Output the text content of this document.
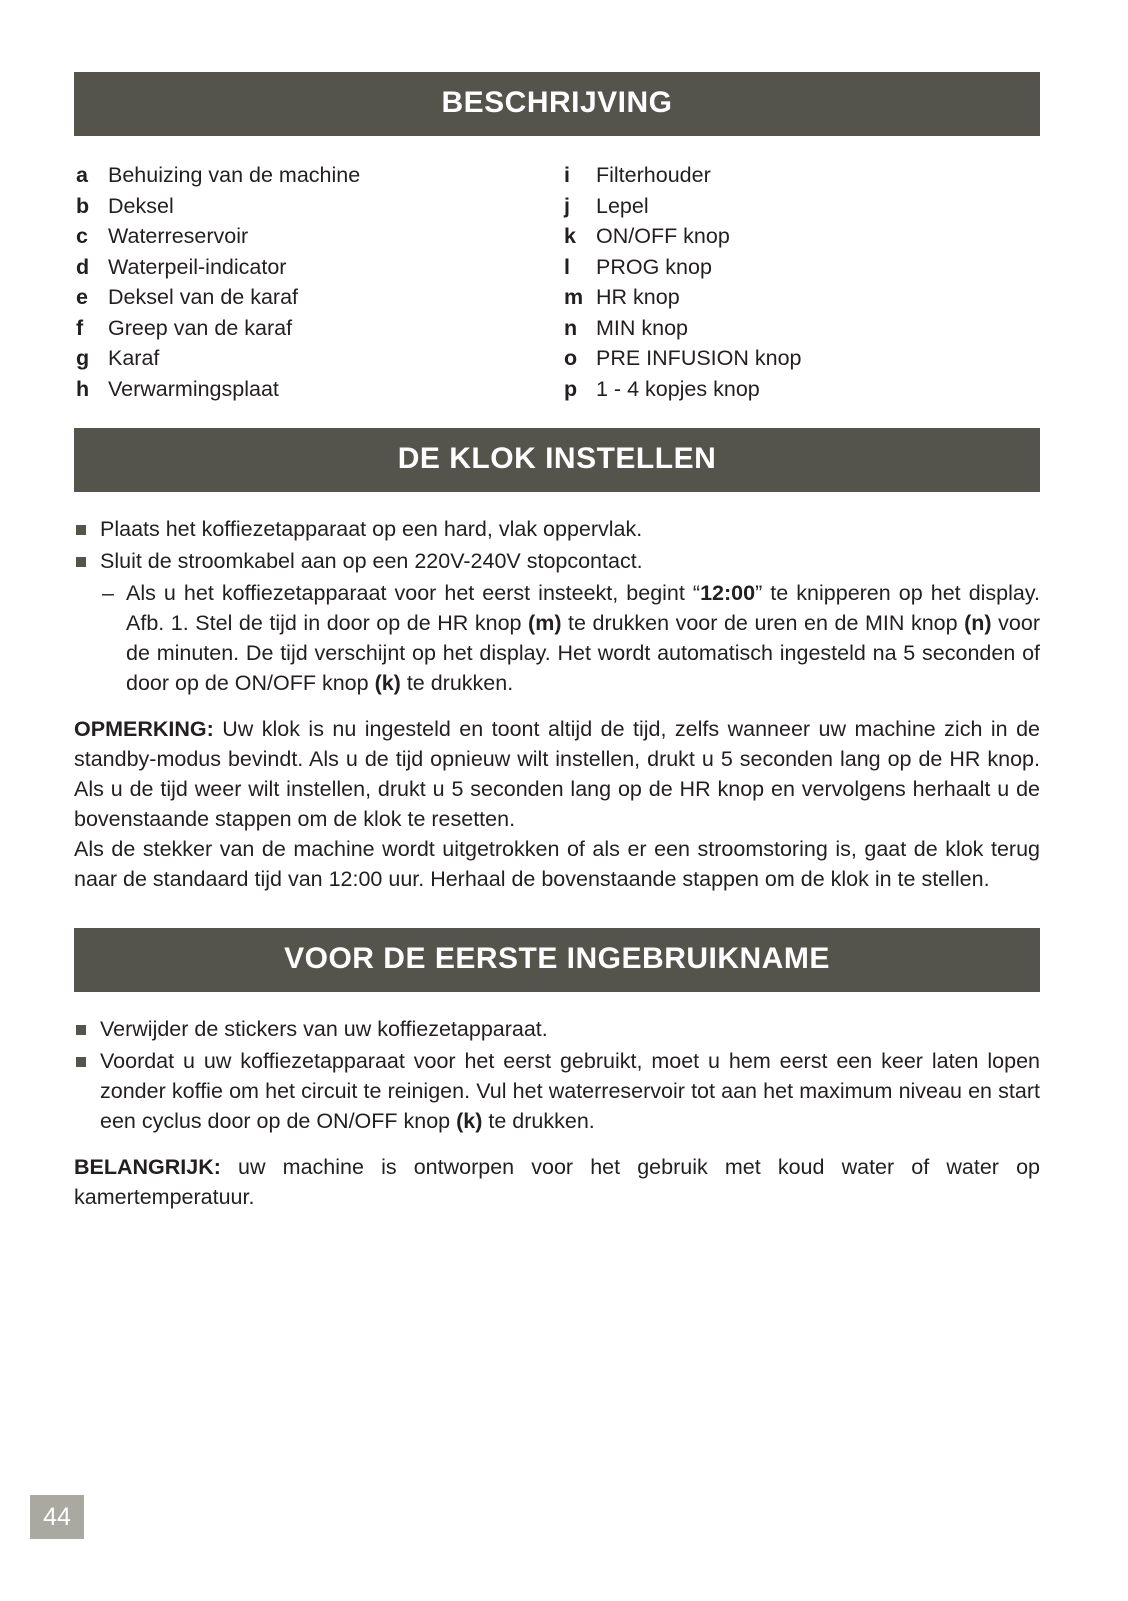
BESCHRIJVING
a Behuizing van de machine
b Deksel
c Waterreservoir
d Waterpeil-indicator
e Deksel van de karaf
f	Greep van de karaf
g Karaf
h Verwarmingsplaat
i	Filterhouder
j	Lepel
k ON/OFF knop
l	PROG knop
m HR knop
n MIN knop
o PRE INFUSION knop
p 1 - 4 kopjes knop
DE KLOK INSTELLEN
Plaats het koffiezetapparaat op een hard, vlak oppervlak.
Sluit de stroomkabel aan op een 220V-240V stopcontact.
– Als u het koffiezetapparaat voor het eerst insteekt, begint “12:00” te knipperen op het display. Afb. 1. Stel de tijd in door op de HR knop (m) te drukken voor de uren en de MIN knop (n) voor de minuten. De tijd verschijnt op het display. Het wordt automatisch ingesteld na 5 seconden of door op de ON/OFF knop (k) te drukken.

OPMERKING: Uw klok is nu ingesteld en toont altijd de tijd, zelfs wanneer uw machine zich in de standby-modus bevindt. Als u de tijd opnieuw wilt instellen, drukt u 5 seconden lang op de HR knop. Als u de tijd weer wilt instellen, drukt u 5 seconden lang op de HR knop en vervolgens herhaalt u de bovenstaande stappen om de klok te resetten.

Als de stekker van de machine wordt uitgetrokken of als er een stroomstoring is, gaat de klok terug naar de standaard tijd van 12:00 uur. Herhaal de bovenstaande stappen om de klok in te stellen.

VOOR DE EERSTE INGEBRUIKNAME
Verwijder de stickers van uw koffiezetapparaat.
Voordat u uw koffiezetapparaat voor het eerst gebruikt, moet u hem eerst een keer laten lopen zonder koffie om het circuit te reinigen. Vul het waterreservoir tot aan het maximum niveau en start een cyclus door op de ON/OFF knop (k) te drukken.

BELANGRIJK: uw machine is ontworpen voor het gebruik met koud water of water op kamertemperatuur.

44
